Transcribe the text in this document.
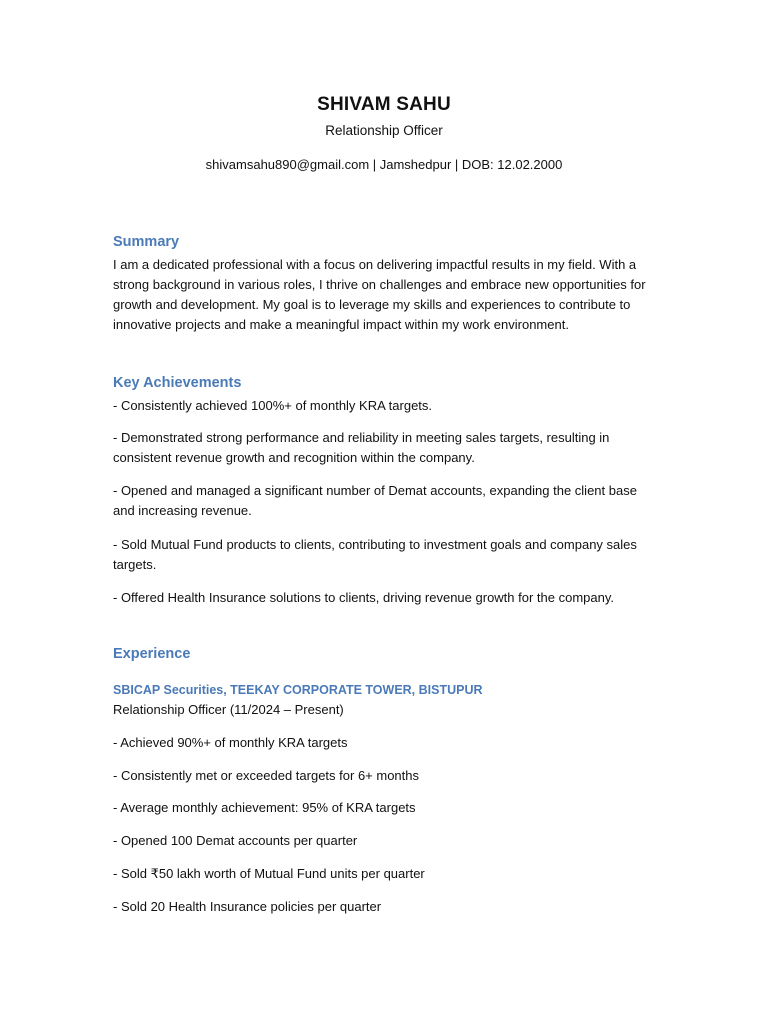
SHIVAM SAHU
Relationship Officer
shivamsahu890@gmail.com | Jamshedpur | DOB: 12.02.2000
Summary
I am a dedicated professional with a focus on delivering impactful results in my field. With a strong background in various roles, I thrive on challenges and embrace new opportunities for growth and development. My goal is to leverage my skills and experiences to contribute to innovative projects and make a meaningful impact within my work environment.
Key Achievements
- Consistently achieved 100%+ of monthly KRA targets.
- Demonstrated strong performance and reliability in meeting sales targets, resulting in consistent revenue growth and recognition within the company.
- Opened and managed a significant number of Demat accounts, expanding the client base and increasing revenue.
- Sold Mutual Fund products to clients, contributing to investment goals and company sales targets.
- Offered Health Insurance solutions to clients, driving revenue growth for the company.
Experience
SBICAP Securities, TEEKAY CORPORATE TOWER, BISTUPUR
Relationship Officer (11/2024 – Present)
- Achieved 90%+ of monthly KRA targets
- Consistently met or exceeded targets for 6+ months
- Average monthly achievement: 95% of KRA targets
- Opened 100 Demat accounts per quarter
- Sold ₹50 lakh worth of Mutual Fund units per quarter
- Sold 20 Health Insurance policies per quarter
